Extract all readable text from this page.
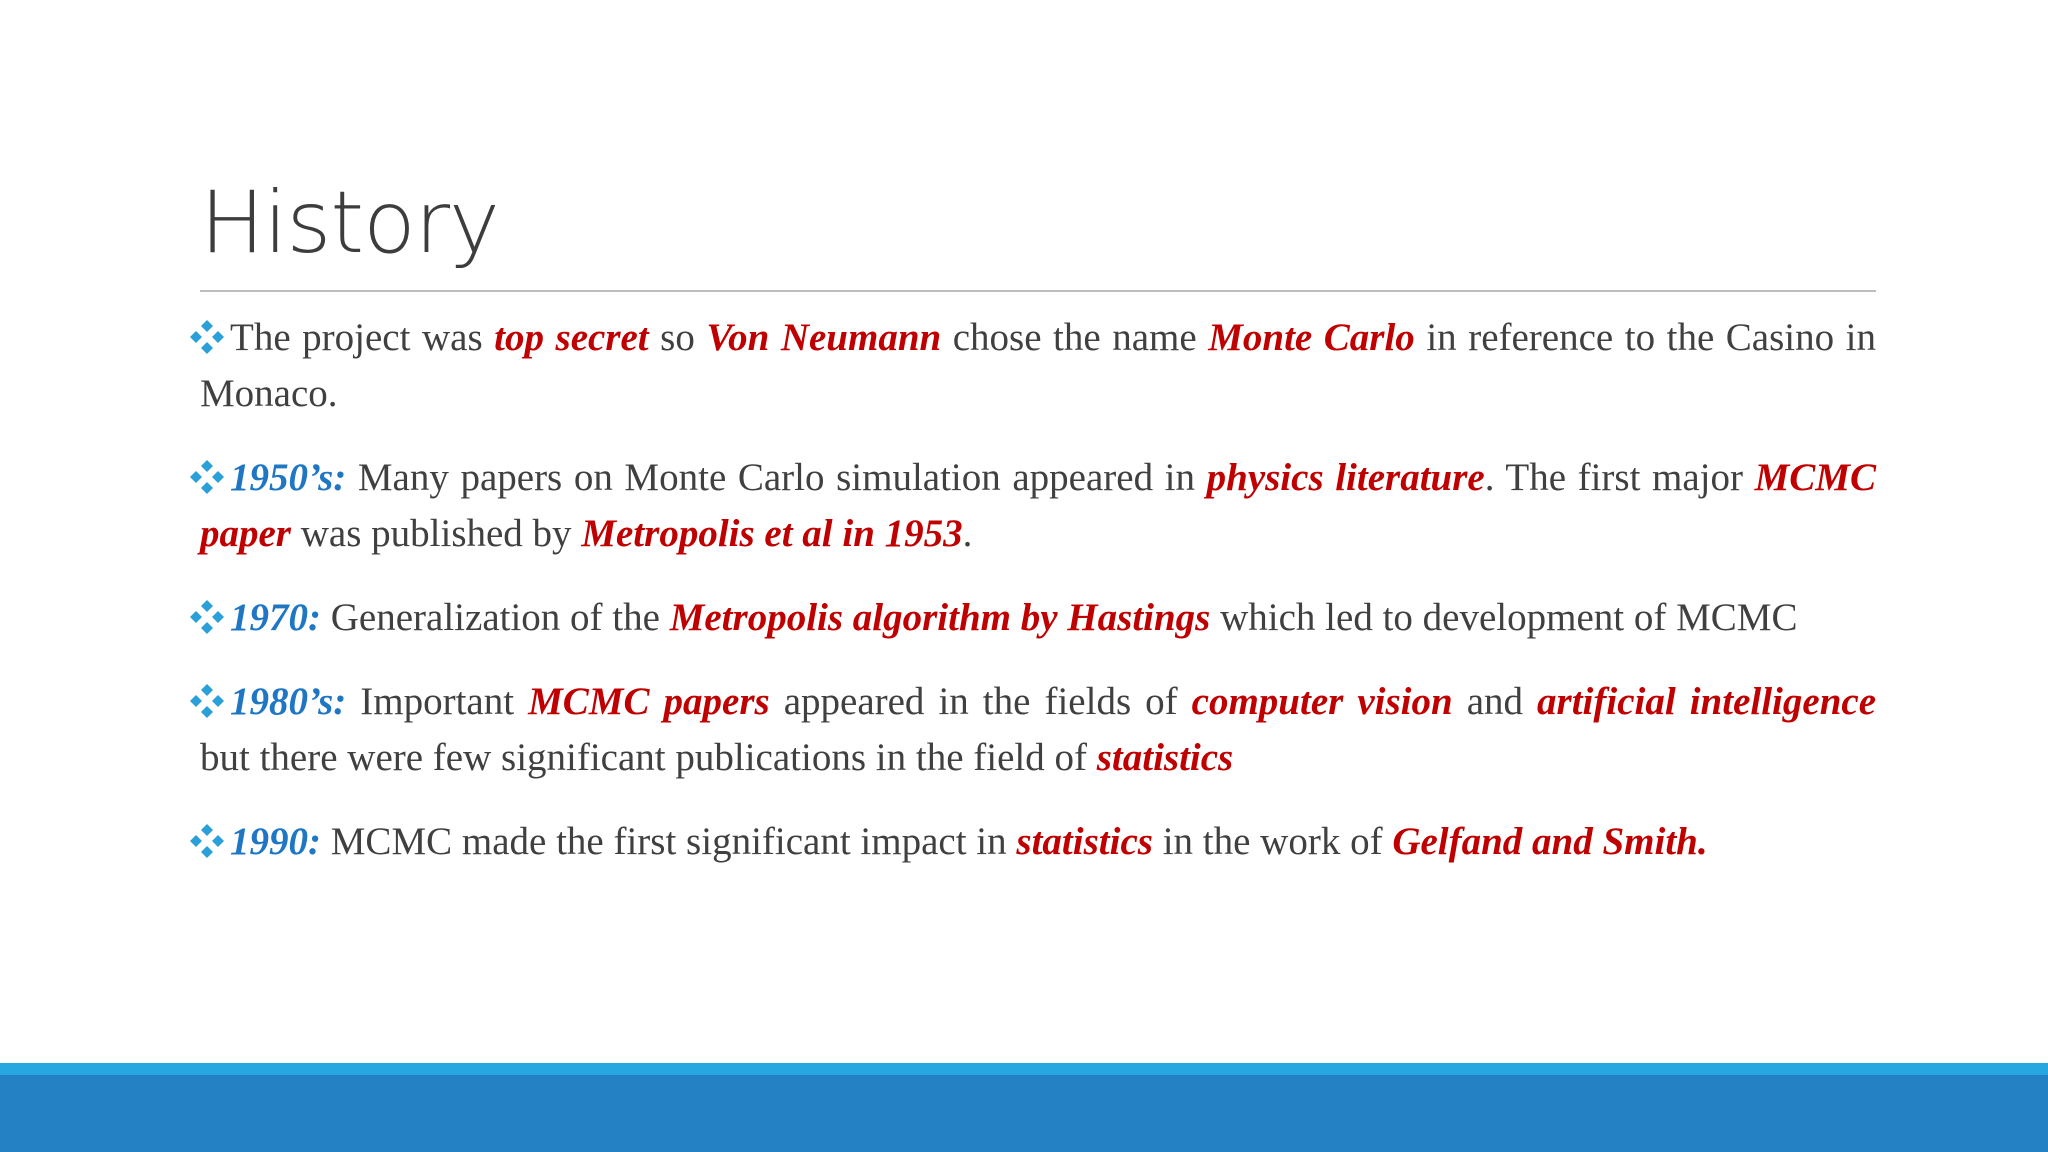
History
The project was top secret so Von Neumann chose the name Monte Carlo in reference to the Casino in Monaco.
1950’s: Many papers on Monte Carlo simulation appeared in physics literature. The first major MCMC paper was published by Metropolis et al in 1953.
1970: Generalization of the Metropolis algorithm by Hastings which led to development of MCMC
1980’s: Important MCMC papers appeared in the fields of computer vision and artificial intelligence but there were few significant publications in the field of statistics
1990: MCMC made the first significant impact in statistics in the work of Gelfand and Smith.
